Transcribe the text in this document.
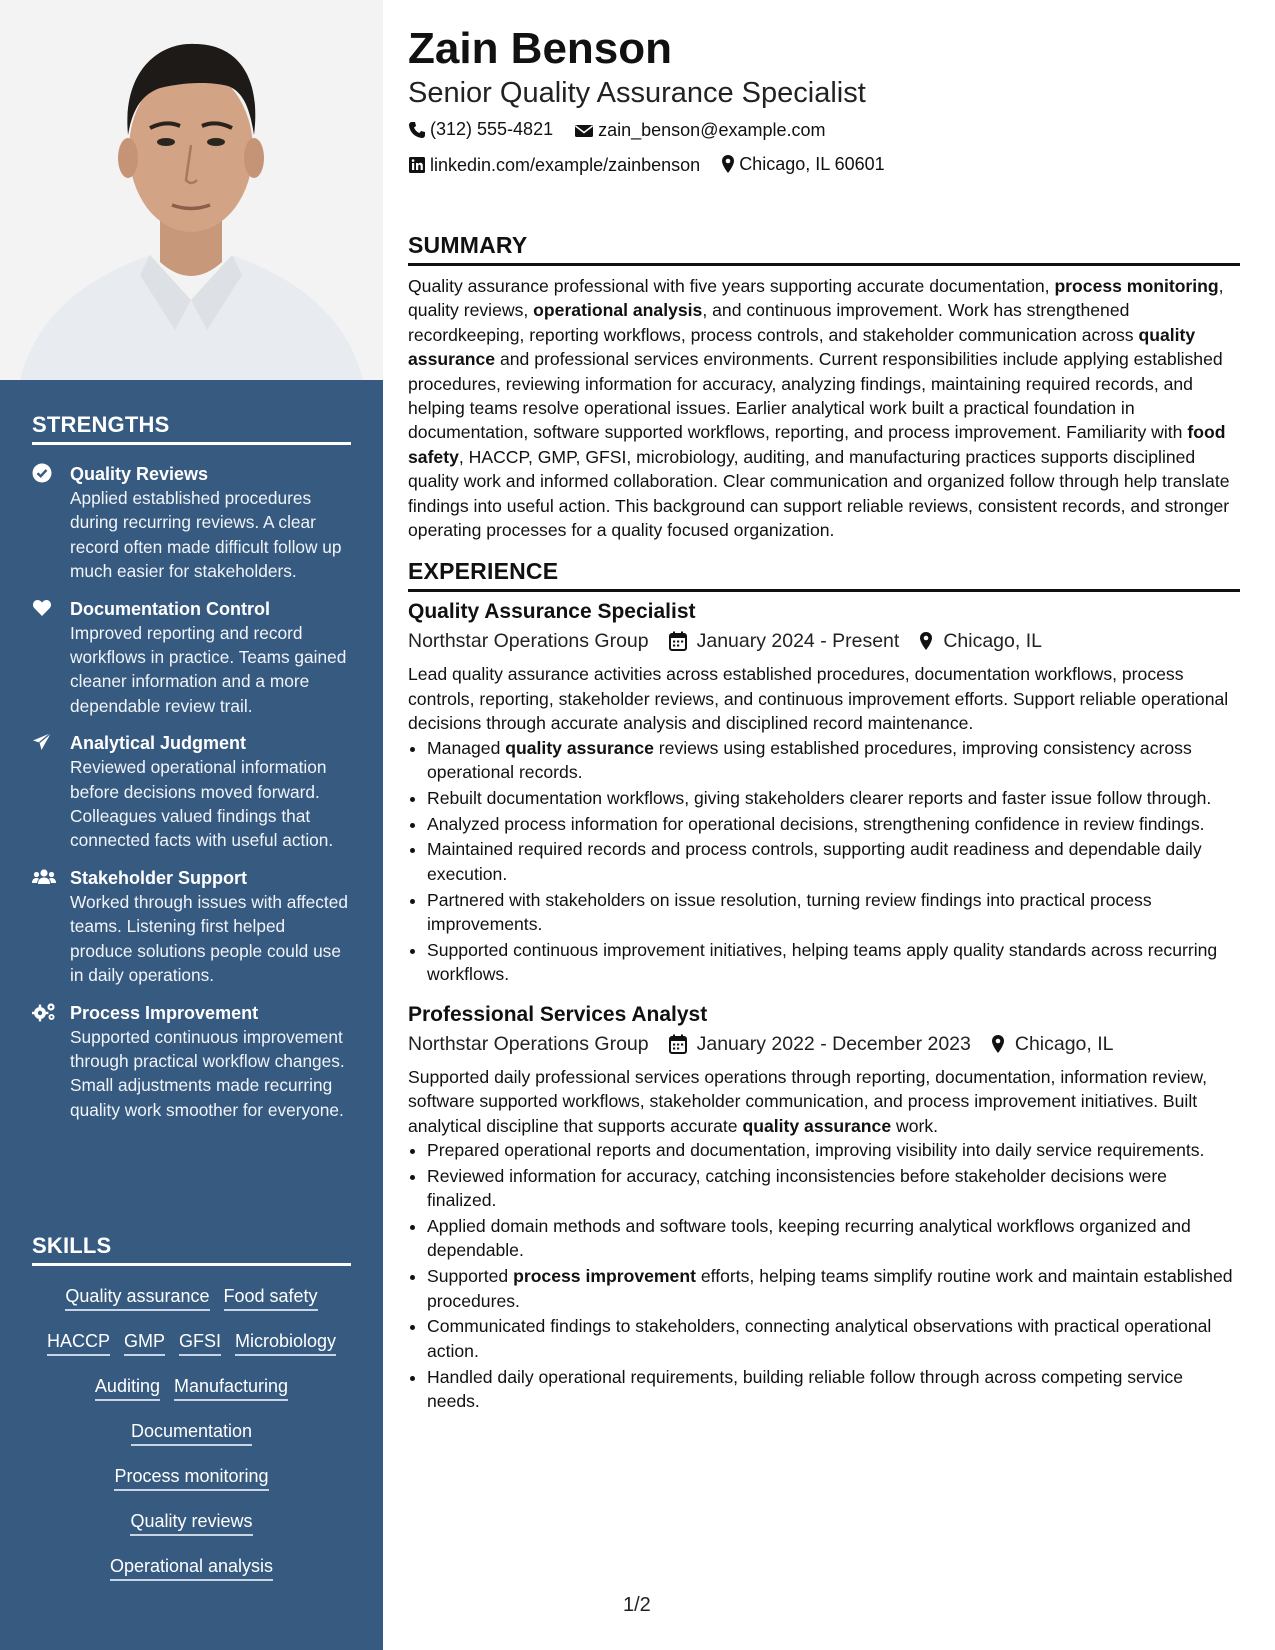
STRENGTHS
Quality Reviews
Applied established procedures during recurring reviews. A clear record often made difficult follow up much easier for stakeholders.
Documentation Control
Improved reporting and record workflows in practice. Teams gained cleaner information and a more dependable review trail.
Analytical Judgment
Reviewed operational information before decisions moved forward. Colleagues valued findings that connected facts with useful action.
Stakeholder Support
Worked through issues with affected teams. Listening first helped produce solutions people could use in daily operations.
Process Improvement
Supported continuous improvement through practical workflow changes. Small adjustments made recurring quality work smoother for everyone.
SKILLS
Quality assurance Food safety
HACCP GMP GFSI Microbiology
Auditing Manufacturing
Documentation
Process monitoring
Quality reviews
Operational analysis
Zain Benson
Senior Quality Assurance Specialist
(312) 555-4821
	zain_benson@example.com
linkedin.com/example/zainbenson
Chicago, IL 60601
SUMMARY

Quality assurance professional with five years supporting accurate documentation, process monitoring, quality reviews, operational analysis, and continuous improvement. Work has strengthened recordkeeping, reporting workflows, process controls, and stakeholder communication across quality assurance and professional services environments. Current responsibilities include applying established procedures, reviewing information for accuracy, analyzing findings, maintaining required records, and helping teams resolve operational issues. Earlier analytical work built a practical foundation in documentation, software supported workflows, reporting, and process improvement. Familiarity with food safety, HACCP, GMP, GFSI, microbiology, auditing, and manufacturing practices supports disciplined quality work and informed collaboration. Clear communication and organized follow through help translate findings into useful action. This background can support reliable reviews, consistent records, and stronger operating processes for a quality focused organization.

EXPERIENCE
Quality Assurance Specialist
Northstar Operations Group January 2024 - Present Chicago, IL

Lead quality assurance activities across established procedures, documentation workflows, process controls, reporting, stakeholder reviews, and continuous improvement efforts. Support reliable operational decisions through accurate analysis and disciplined record maintenance.

• Managed quality assurance reviews using established procedures, improving consistency across operational records.
• Rebuilt documentation workflows, giving stakeholders clearer reports and faster issue follow through.
• Analyzed process information for operational decisions, strengthening confidence in review findings.
• Maintained required records and process controls, supporting audit readiness and dependable daily execution.
• Partnered with stakeholders on issue resolution, turning review findings into practical process improvements.
• Supported continuous improvement initiatives, helping teams apply quality standards across recurring workflows.
Professional Services Analyst
Northstar Operations Group January 2022 - December 2023 Chicago, IL

Supported daily professional services operations through reporting, documentation, information review, software supported workflows, stakeholder communication, and process improvement initiatives. Built analytical discipline that supports accurate quality assurance work.

• Prepared operational reports and documentation, improving visibility into daily service requirements.
• Reviewed information for accuracy, catching inconsistencies before stakeholder decisions were finalized.
• Applied domain methods and software tools, keeping recurring analytical workflows organized and dependable.
• Supported process improvement efforts, helping teams simplify routine work and maintain established procedures.
• Communicated findings to stakeholders, connecting analytical observations with practical operational action.
• Handled daily operational requirements, building reliable follow through across competing service needs.
1/2
